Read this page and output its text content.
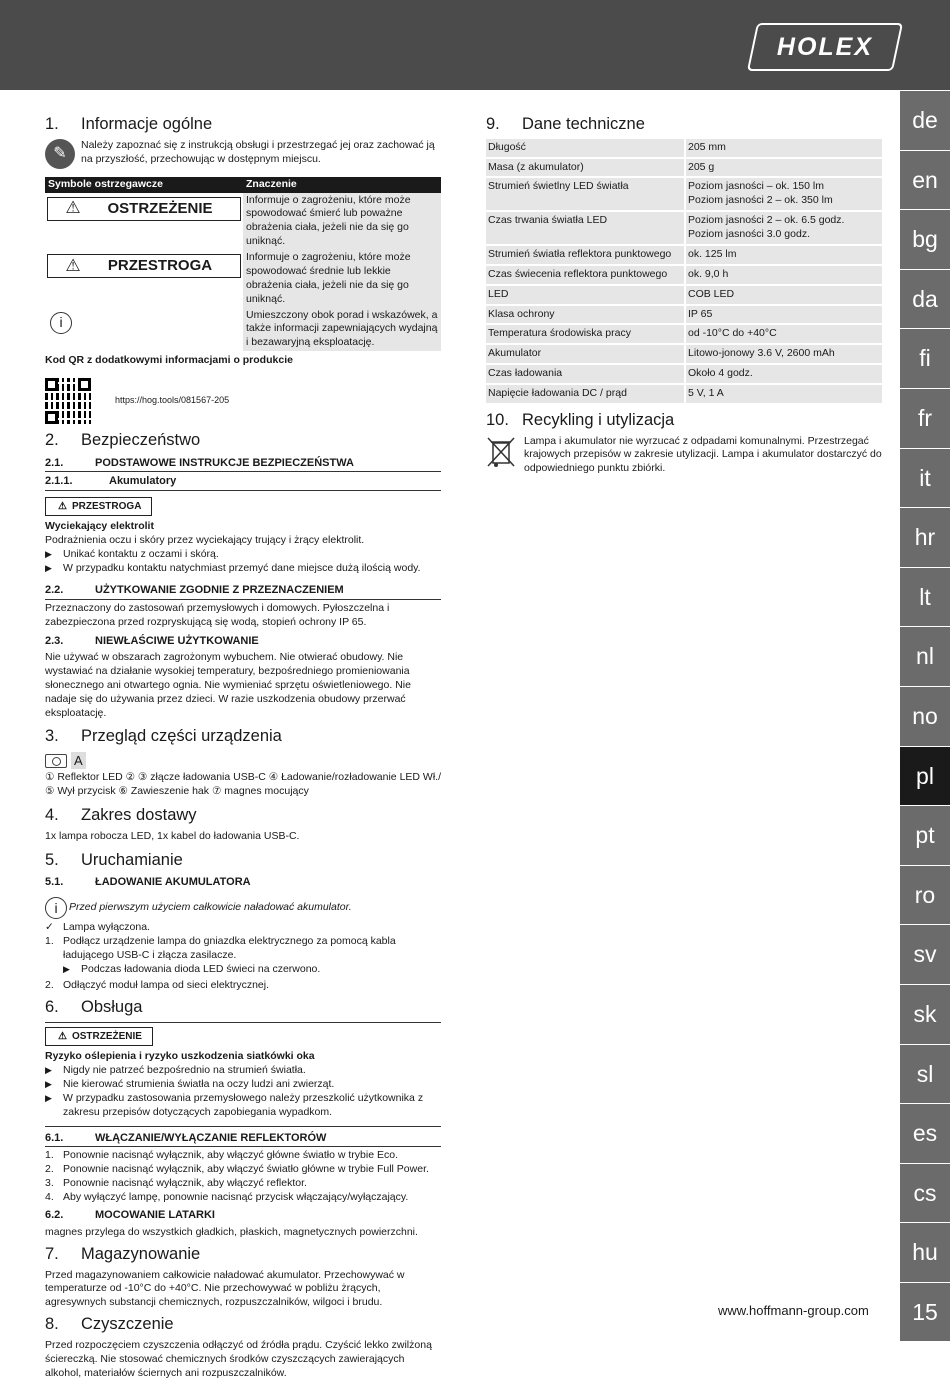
HOLEX
de
en
bg
da
fi
fr
it
hr
lt
nl
no
pl
pt
ro
sv
sk
sl
es
cs
hu
15
1.	Informacje ogólne
✎

Należy zapoznać się z instrukcją obsługi i przestrzegać jej oraz zachować ją na przyszłość, przechowując w dostępnym miejscu.

Symbole ostrzegawcze	Znaczenie

⚠ OSTRZEŻENIE	Informuje o zagrożeniu, które może spowodować śmierć lub poważne obrażenia ciała, jeżeli nie da się go uniknąć.

⚠ PRZESTROGA	Informuje o zagrożeniu, które może spowodować średnie lub lekkie obrażenia ciała, jeżeli nie da się go uniknąć.

i	Umieszczony obok porad i wskazówek, a także informacji zapewniających wydajną i bezawaryjną eksploatację.

Kod QR z dodatkowymi informacjami o produkcie

https://hog.tools/081567-205
2.	Bezpieczeństwo
2.1.	PODSTAWOWE INSTRUKCJE BEZPIECZEŃSTWA
2.1.1.	Akumulatory
⚠ PRZESTROGA

Wyciekający elektrolit

Podrażnienia oczu i skóry przez wyciekający trujący i żrący elektrolit.

▶	Unikać kontaktu z oczami i skórą.
▶	W przypadku kontaktu natychmiast przemyć dane miejsce dużą ilością wody.
2.2.	UŻYTKOWANIE ZGODNIE Z PRZEZNACZENIEM

Przeznaczony do zastosowań przemysłowych i domowych. Pyłoszczelna i zabezpieczona przed rozpryskującą się wodą, stopień ochrony IP 65.

2.3.	NIEWŁAŚCIWE UŻYTKOWANIE

Nie używać w obszarach zagrożonym wybuchem. Nie otwierać obudowy. Nie wystawiać na działanie wysokiej temperatury, bezpośredniego promieniowania słonecznego ani otwartego ognia. Nie wymieniać sprzętu oświetleniowego. Nie nadaje się do używania przez dzieci. W razie uszkodzenia obudowy przerwać eksploatację.

3.	Przegląd części urządzenia
A

① Reflektor LED ② ③ złącze ładowania USB-C ④ Ładowanie/rozładowanie LED Wł./ ⑤ Wył przycisk ⑥ Zawieszenie hak ⑦ magnes mocujący

4.	Zakres dostawy

1x lampa robocza LED, 1x kabel do ładowania USB-C.

5.	Uruchamianie
5.1.	ŁADOWANIE AKUMULATORA
i	Przed pierwszym użyciem całkowicie naładować akumulator.
✓ Lampa wyłączona.
1. Podłącz urządzenie lampa do gniazdka elektrycznego za pomocą kabla ładującego USB-C i złącza zasilacze.
▶	Podczas ładowania dioda LED świeci na czerwono.
2. Odłączyć moduł lampa od sieci elektrycznej.
6.	Obsługa
⚠ OSTRZEŻENIE

Ryzyko oślepienia i ryzyko uszkodzenia siatkówki oka

▶	Nigdy nie patrzeć bezpośrednio na strumień światła.
▶	Nie kierować strumienia światła na oczy ludzi ani zwierząt.
▶	W przypadku zastosowania przemysłowego należy przeszkolić użytkownika z zakresu przepisów dotyczących zapobiegania wypadkom.
6.1.	WŁĄCZANIE/WYŁĄCZANIE REFLEKTORÓW
1. Ponownie nacisnąć wyłącznik, aby włączyć główne światło w trybie Eco.
2. Ponownie nacisnąć wyłącznik, aby włączyć światło główne w trybie Full Power.
3. Ponownie nacisnąć wyłącznik, aby włączyć reflektor.
4. Aby wyłączyć lampę, ponownie nacisnąć przycisk włączający/wyłączający.
6.2.	MOCOWANIE LATARKI

magnes przylega do wszystkich gładkich, płaskich, magnetycznych powierzchni.

7.	Magazynowanie

Przed magazynowaniem całkowicie naładować akumulator. Przechowywać w temperaturze od -10°C do +40°C. Nie przechowywać w pobliżu żrących, agresywnych substancji chemicznych, rozpuszczalników, wilgoci i brudu.

8.	Czyszczenie

Przed rozpoczęciem czyszczenia odłączyć od źródła prądu. Czyścić lekko zwilżoną ściereczką. Nie stosować chemicznych środków czyszczących zawierających alkohol, materiałów ściernych ani rozpuszczalników.

9.	Dane techniczne
Długość	205 mm
Masa (z akumulator)	205 g
Strumień świetlny LED światła	Poziom jasności – ok. 150 lm
Poziom jasności 2 – ok. 350 lm
Czas trwania światła LED	Poziom jasności 2 – ok. 6.5 godz.
Poziom jasności 3.0 godz.
Strumień światła reflektora punktowego	ok. 125 lm
Czas świecenia reflektora punktowego	ok. 9,0 h
LED	COB LED
Klasa ochrony	IP 65
Temperatura środowiska pracy	od -10°C do +40°C
Akumulator	Litowo-jonowy 3.6 V, 2600 mAh
Czas ładowania	Około 4 godz.
Napięcie ładowania DC / prąd	5 V, 1 A
10. Recykling i utylizacja

Lampa i akumulator nie wyrzucać z odpadami komunalnymi. Przestrzegać krajowych przepisów w zakresie utylizacji. Lampa i akumulator dostarczyć do odpowiedniego punktu zbiórki.

www.hoffmann-group.com
